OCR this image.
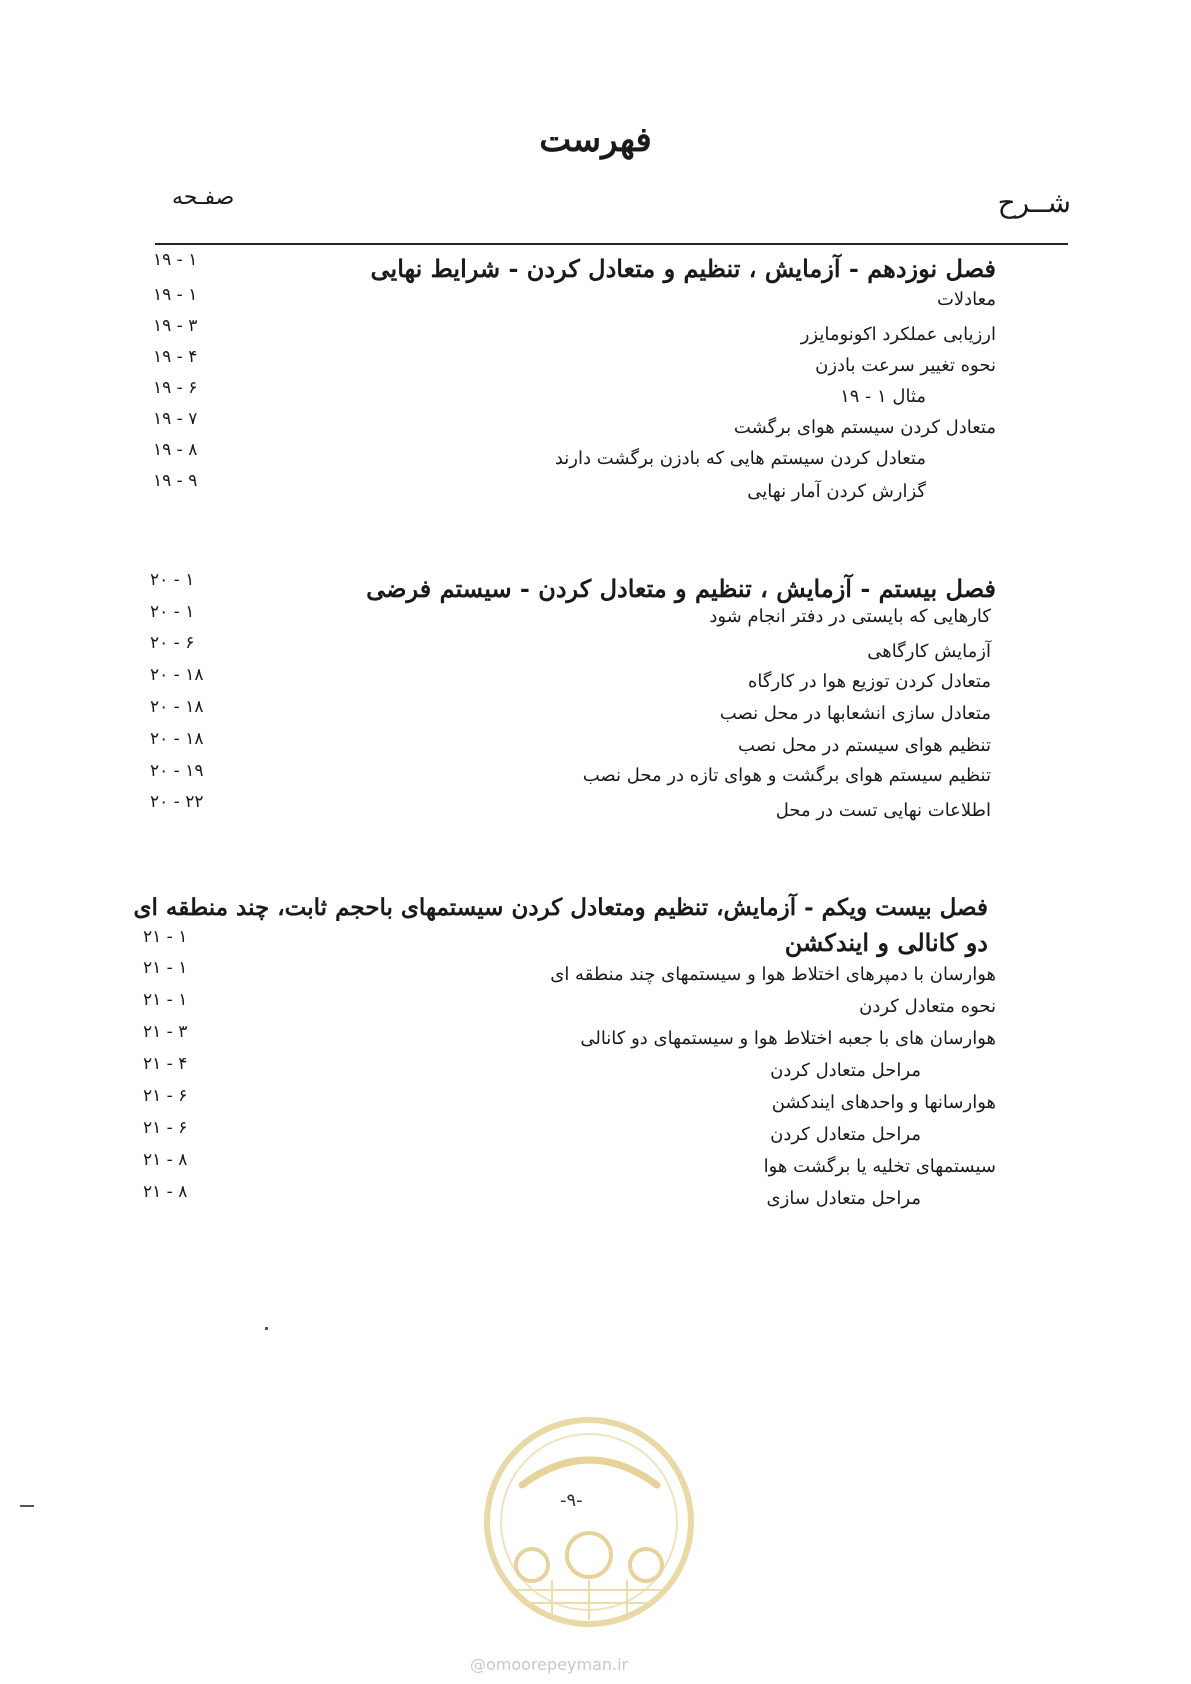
فهرست
شــرح
صفـحه
فصل نوزدهم - آزمایش ، تنظیم و متعادل کردن - شرایط نهایی
۱ - ۱۹
معادلات
۱ - ۱۹
ارزیابی عملکرد اکونومایزر
۳ - ۱۹
نحوه تغییر سرعت بادزن
۴ - ۱۹
مثال ۱ - ۱۹
۶ - ۱۹
متعادل کردن سیستم هوای برگشت
۷ - ۱۹
متعادل کردن سیستم هایی که بادزن برگشت دارند
۸ - ۱۹
گزارش کردن آمار نهایی
۹ - ۱۹
فصل بیستم - آزمایش ، تنظیم و متعادل کردن - سیستم فرضی
۱ - ۲۰
کارهایی که بایستی در دفتر انجام شود
۱ - ۲۰
آزمایش کارگاهی
۶ - ۲۰
متعادل کردن توزیع هوا در کارگاه
۱۸ - ۲۰
متعادل سازی انشعابها در محل نصب
۱۸ - ۲۰
تنظیم هوای سیستم در محل نصب
۱۸ - ۲۰
تنظیم سیستم هوای برگشت و هوای تازه در محل نصب
۱۹ - ۲۰
اطلاعات نهایی تست در محل
۲۲ - ۲۰
فصل بیست ویکم - آزمایش، تنظیم ومتعادل کردن سیستمهای باحجم ثابت، چند منطقه ای
دو کانالی و ایندکشن
۱ - ۲۱
هوارسان با دمپرهای اختلاط هوا و سیستمهای چند منطقه ای
۱ - ۲۱
نحوه متعادل کردن
۱ - ۲۱
هوارسان های با جعبه اختلاط هوا و سیستمهای دو کانالی
۳ - ۲۱
مراحل متعادل کردن
۴ - ۲۱
هوارسانها و واحدهای ایندکشن
۶ - ۲۱
مراحل متعادل کردن
۶ - ۲۱
سیستمهای تخلیه یا برگشت هوا
۸ - ۲۱
مراحل متعادل سازی
۸ - ۲۱
-۹-
@omoorepeyman.ir
